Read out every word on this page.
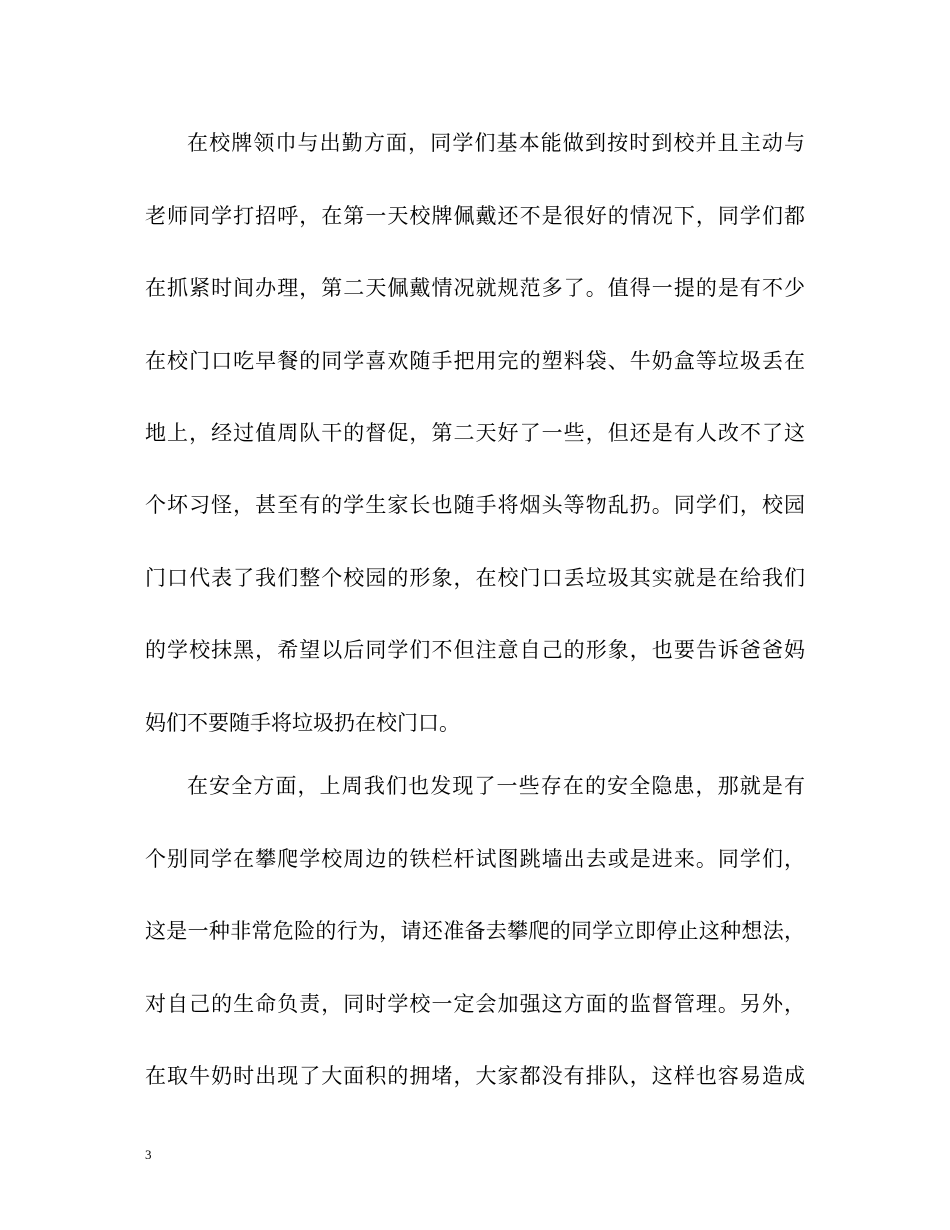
在校牌领巾与出勤方面，同学们基本能做到按时到校并且主动与
老师同学打招呼，在第一天校牌佩戴还不是很好的情况下，同学们都
在抓紧时间办理，第二天佩戴情况就规范多了。值得一提的是有不少
在校门口吃早餐的同学喜欢随手把用完的塑料袋、牛奶盒等垃圾丢在
地上，经过值周队干的督促，第二天好了一些，但还是有人改不了这
个坏习怪，甚至有的学生家长也随手将烟头等物乱扔。同学们，校园
门口代表了我们整个校园的形象，在校门口丢垃圾其实就是在给我们
的学校抹黑，希望以后同学们不但注意自己的形象，也要告诉爸爸妈
妈们不要随手将垃圾扔在校门口。
在安全方面，上周我们也发现了一些存在的安全隐患，那就是有
个别同学在攀爬学校周边的铁栏杆试图跳墙出去或是进来。同学们，
这是一种非常危险的行为，请还准备去攀爬的同学立即停止这种想法，
对自己的生命负责，同时学校一定会加强这方面的监督管理。另外，
在取牛奶时出现了大面积的拥堵，大家都没有排队，这样也容易造成
3
